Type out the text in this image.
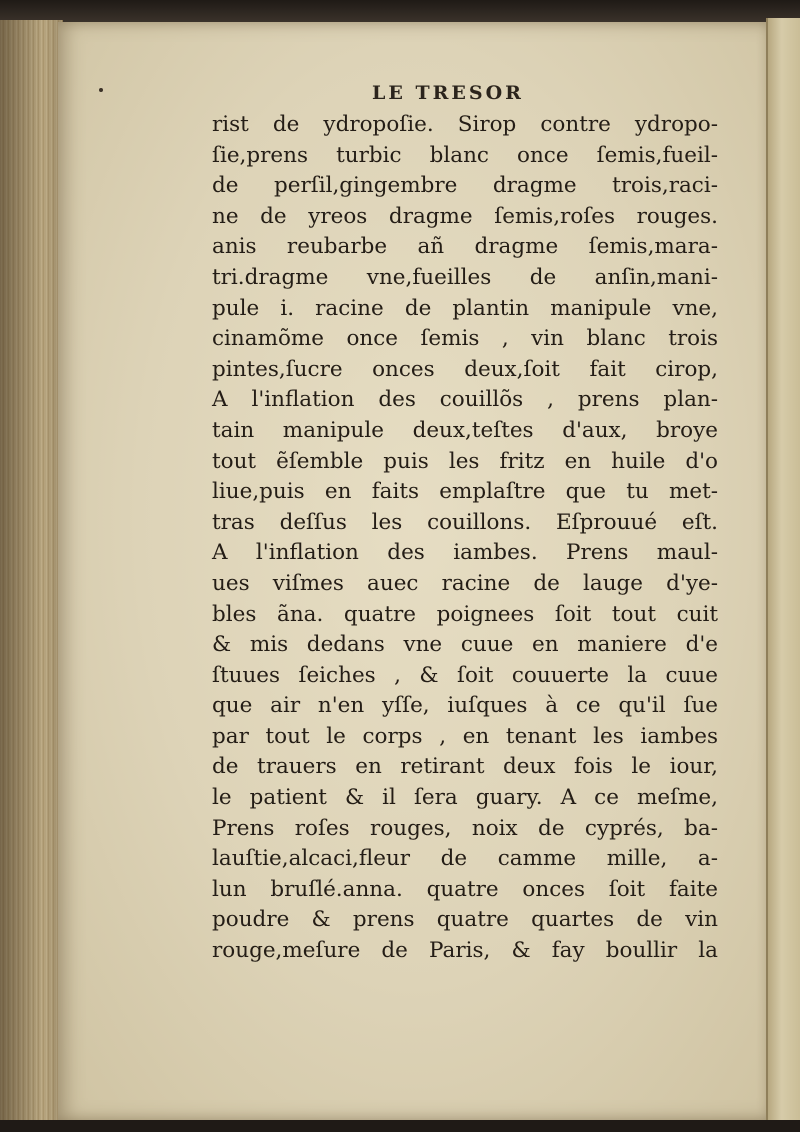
LE TRESOR
rist de ydropoſie. Sirop contre ydropo-
ſie,prens turbic blanc once ſemis,fueil-
de perſil,gingembre dragme trois,raci-
ne de yreos dragme ſemis,roſes rouges.
anis reubarbe añ dragme ſemis,mara-
tri.dragme vne,fueilles de anſin,mani-
pule i. racine de plantin manipule vne,
cinamõme once ſemis , vin blanc trois
pintes,ſucre onces deux,ſoit fait cirop,
A l'inflation des couillõs , prens plan-
tain manipule deux,teſtes d'aux, broye
tout ẽſemble puis les fritz en huile d'o
liue,puis en faits emplaſtre que tu met-
tras deſſus les couillons. Eſprouué eſt.
A l'inflation des iambes. Prens maul-
ues viſmes auec racine de lauge d'ye-
bles ãna. quatre poignees ſoit tout cuit
& mis dedans vne cuue en maniere d'e
ſtuues ſeiches , & ſoit couuerte la cuue
que air n'en yſſe, iuſques à ce qu'il ſue
par tout le corps , en tenant les iambes
de trauers en retirant deux fois le iour,
le patient & il ſera guary. A ce meſme,
Prens roſes rouges, noix de cyprés, ba-
lauſtie,alcaci,fleur de camme mille, a-
lun bruſlé.anna. quatre onces ſoit faite
poudre & prens quatre quartes de vin
rouge,meſure de Paris, & fay boullir la
